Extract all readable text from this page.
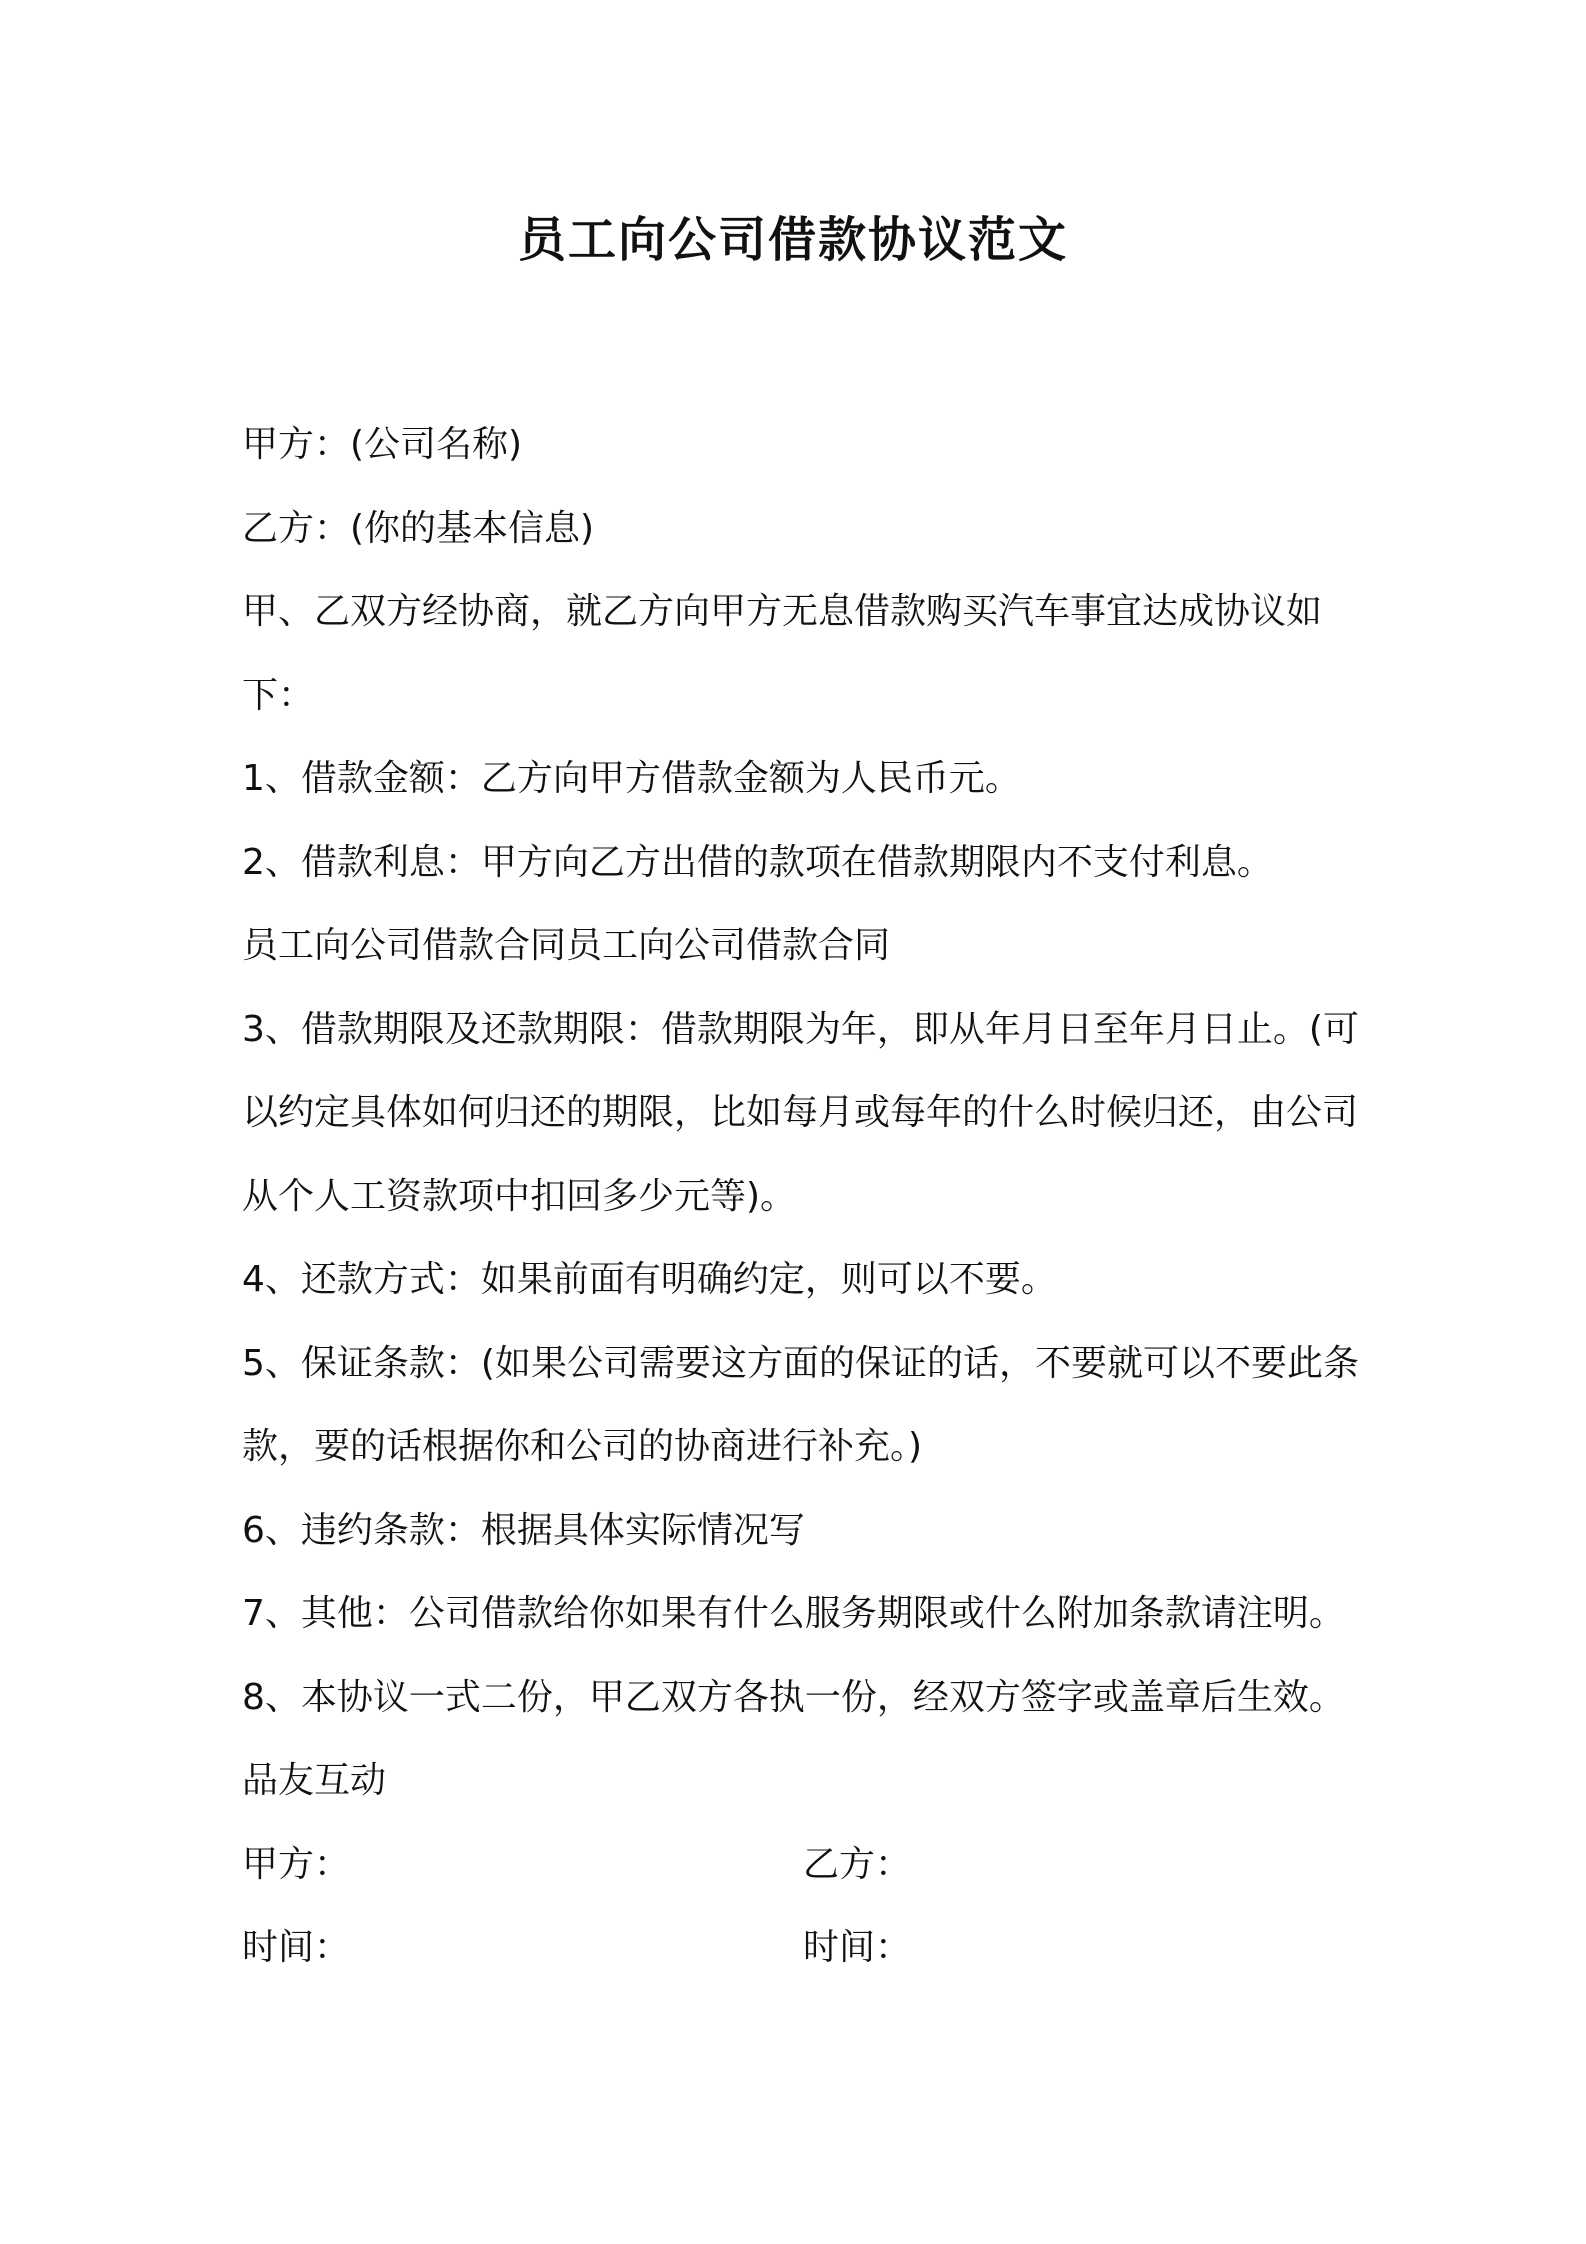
员工向公司借款协议范文

甲方：(公司名称)

乙方：(你的基本信息)

甲、乙双方经协商，就乙方向甲方无息借款购买汽车事宜达成协议如下：

1、借款金额：乙方向甲方借款金额为人民币元。

2、借款利息：甲方向乙方出借的款项在借款期限内不支付利息。

员工向公司借款合同员工向公司借款合同

3、借款期限及还款期限：借款期限为年，即从年月日至年月日止。(可以约定具体如何归还的期限，比如每月或每年的什么时候归还，由公司从个人工资款项中扣回多少元等)。

4、还款方式：如果前面有明确约定，则可以不要。

5、保证条款：(如果公司需要这方面的保证的话，不要就可以不要此条款，要的话根据你和公司的协商进行补充。)

6、违约条款：根据具体实际情况写

7、其他：公司借款给你如果有什么服务期限或什么附加条款请注明。

8、本协议一式二份，甲乙双方各执一份，经双方签字或盖章后生效。

品友互动

甲方：	乙方：
时间：	时间：
